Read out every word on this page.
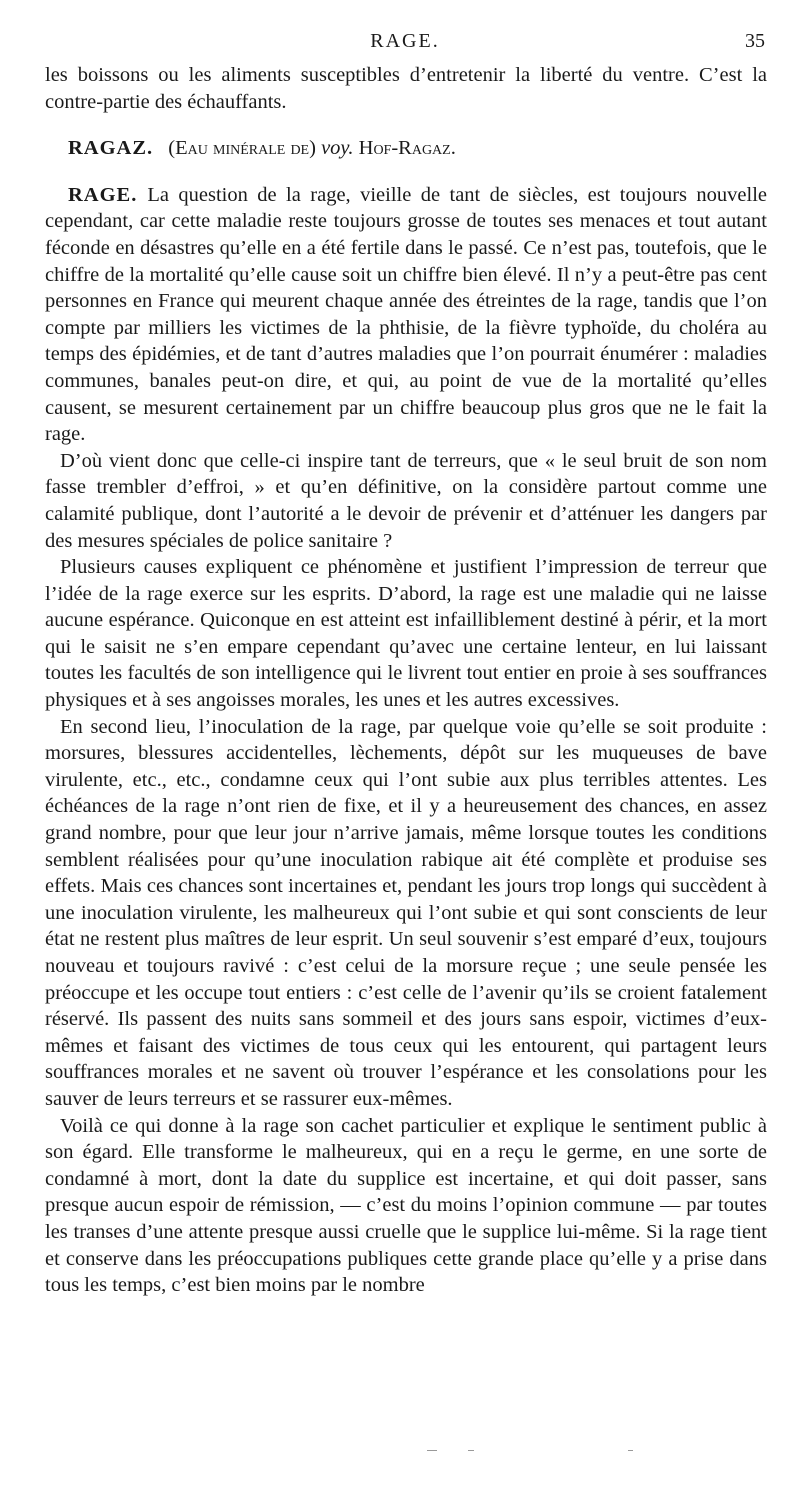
RAGE.	35

les boissons ou les aliments susceptibles d’entretenir la liberté du ventre. C’est la contre-partie des échauffants.

RAGAZ. (Eau minérale de) voy. Hof-Ragaz.

RAGE. La question de la rage, vieille de tant de siècles, est toujours nouvelle cependant, car cette maladie reste toujours grosse de toutes ses menaces et tout autant féconde en désastres qu’elle en a été fertile dans le passé. Ce n’est pas, toutefois, que le chiffre de la mortalité qu’elle cause soit un chiffre bien élevé. Il n’y a peut-être pas cent personnes en France qui meurent chaque année des étreintes de la rage, tandis que l’on compte par milliers les victimes de la phthisie, de la fièvre typhoïde, du choléra au temps des épidémies, et de tant d’autres maladies que l’on pourrait énumérer : maladies communes, banales peut-on dire, et qui, au point de vue de la mortalité qu’elles causent, se mesurent certainement par un chiffre beaucoup plus gros que ne le fait la rage.

D’où vient donc que celle-ci inspire tant de terreurs, que « le seul bruit de son nom fasse trembler d’effroi, » et qu’en définitive, on la considère partout comme une calamité publique, dont l’autorité a le devoir de prévenir et d’atténuer les dangers par des mesures spéciales de police sanitaire ?

Plusieurs causes expliquent ce phénomène et justifient l’impression de terreur que l’idée de la rage exerce sur les esprits. D’abord, la rage est une maladie qui ne laisse aucune espérance. Quiconque en est atteint est infailliblement destiné à périr, et la mort qui le saisit ne s’en empare cependant qu’avec une certaine lenteur, en lui laissant toutes les facultés de son intelligence qui le livrent tout entier en proie à ses souffrances physiques et à ses angoisses morales, les unes et les autres excessives.

En second lieu, l’inoculation de la rage, par quelque voie qu’elle se soit produite : morsures, blessures accidentelles, lèchements, dépôt sur les muqueuses de bave virulente, etc., etc., condamne ceux qui l’ont subie aux plus terribles attentes. Les échéances de la rage n’ont rien de fixe, et il y a heureusement des chances, en assez grand nombre, pour que leur jour n’arrive jamais, même lorsque toutes les conditions semblent réalisées pour qu’une inoculation rabique ait été complète et produise ses effets. Mais ces chances sont incertaines et, pendant les jours trop longs qui succèdent à une inoculation virulente, les malheureux qui l’ont subie et qui sont conscients de leur état ne restent plus maîtres de leur esprit. Un seul souvenir s’est emparé d’eux, toujours nouveau et toujours ravivé : c’est celui de la morsure reçue ; une seule pensée les préoccupe et les occupe tout entiers : c’est celle de l’avenir qu’ils se croient fatalement réservé. Ils passent des nuits sans sommeil et des jours sans espoir, victimes d’eux-mêmes et faisant des victimes de tous ceux qui les entourent, qui partagent leurs souffrances morales et ne savent où trouver l’espérance et les consolations pour les sauver de leurs terreurs et se rassurer eux-mêmes.

Voilà ce qui donne à la rage son cachet particulier et explique le sentiment public à son égard. Elle transforme le malheureux, qui en a reçu le germe, en une sorte de condamné à mort, dont la date du supplice est incertaine, et qui doit passer, sans presque aucun espoir de rémission, — c’est du moins l’opinion commune — par toutes les transes d’une attente presque aussi cruelle que le supplice lui-même. Si la rage tient et conserve dans les préoccupations publiques cette grande place qu’elle y a prise dans tous les temps, c’est bien moins par le nombre
